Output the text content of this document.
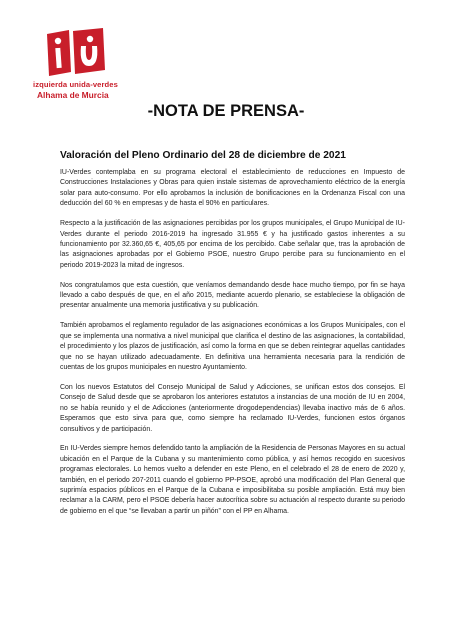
izquierda unida-verdes
Alhama de Murcia
-NOTA DE PRENSA-
Valoración del Pleno Ordinario del 28 de diciembre de 2021

IU-Verdes contemplaba en su programa electoral el establecimiento de reducciones en Impuesto de Construcciones Instalaciones y Obras para quien instale sistemas de aprovechamiento eléctrico de la energía solar para auto-consumo. Por ello aprobamos la inclusión de bonificaciones en la Ordenanza Fiscal con una deducción del 60 % en empresas y de hasta el 90% en particulares.

Respecto a la justificación de las asignaciones percibidas por los grupos municipales, el Grupo Municipal de IU-Verdes durante el periodo 2016-2019 ha ingresado 31.955 € y ha justificado gastos inherentes a su funcionamiento por 32.360,65 €, 405,65 por encima de los percibido. Cabe señalar que, tras la aprobación de las asignaciones aprobadas por el Gobierno PSOE, nuestro Grupo percibe para su funcionamiento en el periodo 2019-2023 la mitad de ingresos.

Nos congratulamos que esta cuestión, que veníamos demandando desde hace mucho tiempo, por fin se haya llevado a cabo después de que, en el año 2015, mediante acuerdo plenario, se estableciese la obligación de presentar anualmente una memoria justificativa y su publicación.

También aprobamos el reglamento regulador de las asignaciones económicas a los Grupos Municipales, con el que se implementa una normativa a nivel municipal que clarifica el destino de las asignaciones, la contabilidad, el procedimiento y los plazos de justificación, así como la forma en que se deben reintegrar aquellas cantidades que no se hayan utilizado adecuadamente. En definitiva una herramienta necesaria para la rendición de cuentas de los grupos municipales en nuestro Ayuntamiento.

Con los nuevos Estatutos del Consejo Municipal de Salud y Adicciones, se unifican estos dos consejos. El Consejo de Salud desde que se aprobaron los anteriores estatutos a instancias de una moción de IU en 2004, no se había reunido y el de Adicciones (anteriormente drogodependencias) llevaba inactivo más de 6 años. Esperamos que esto sirva para que, como siempre ha reclamado IU-Verdes, funcionen estos órganos consultivos y de participación.

En IU-Verdes siempre hemos defendido tanto la ampliación de la Residencia de Personas Mayores en su actual ubicación en el Parque de la Cubana y su mantenimiento como pública, y así hemos recogido en sucesivos programas electorales. Lo hemos vuelto a defender en este Pleno, en el celebrado el 28 de enero de 2020 y, también, en el periodo 207-2011 cuando el gobierno PP-PSOE, aprobó una modificación del Plan General que suprimía espacios públicos en el Parque de la Cubana e imposibilitaba su posible ampliación. Está muy bien reclamar a la CARM, pero el PSOE debería hacer autocrítica sobre su actuación al respecto durante su periodo de gobierno en el que “se llevaban a partir un piñón” con el PP en Alhama.
